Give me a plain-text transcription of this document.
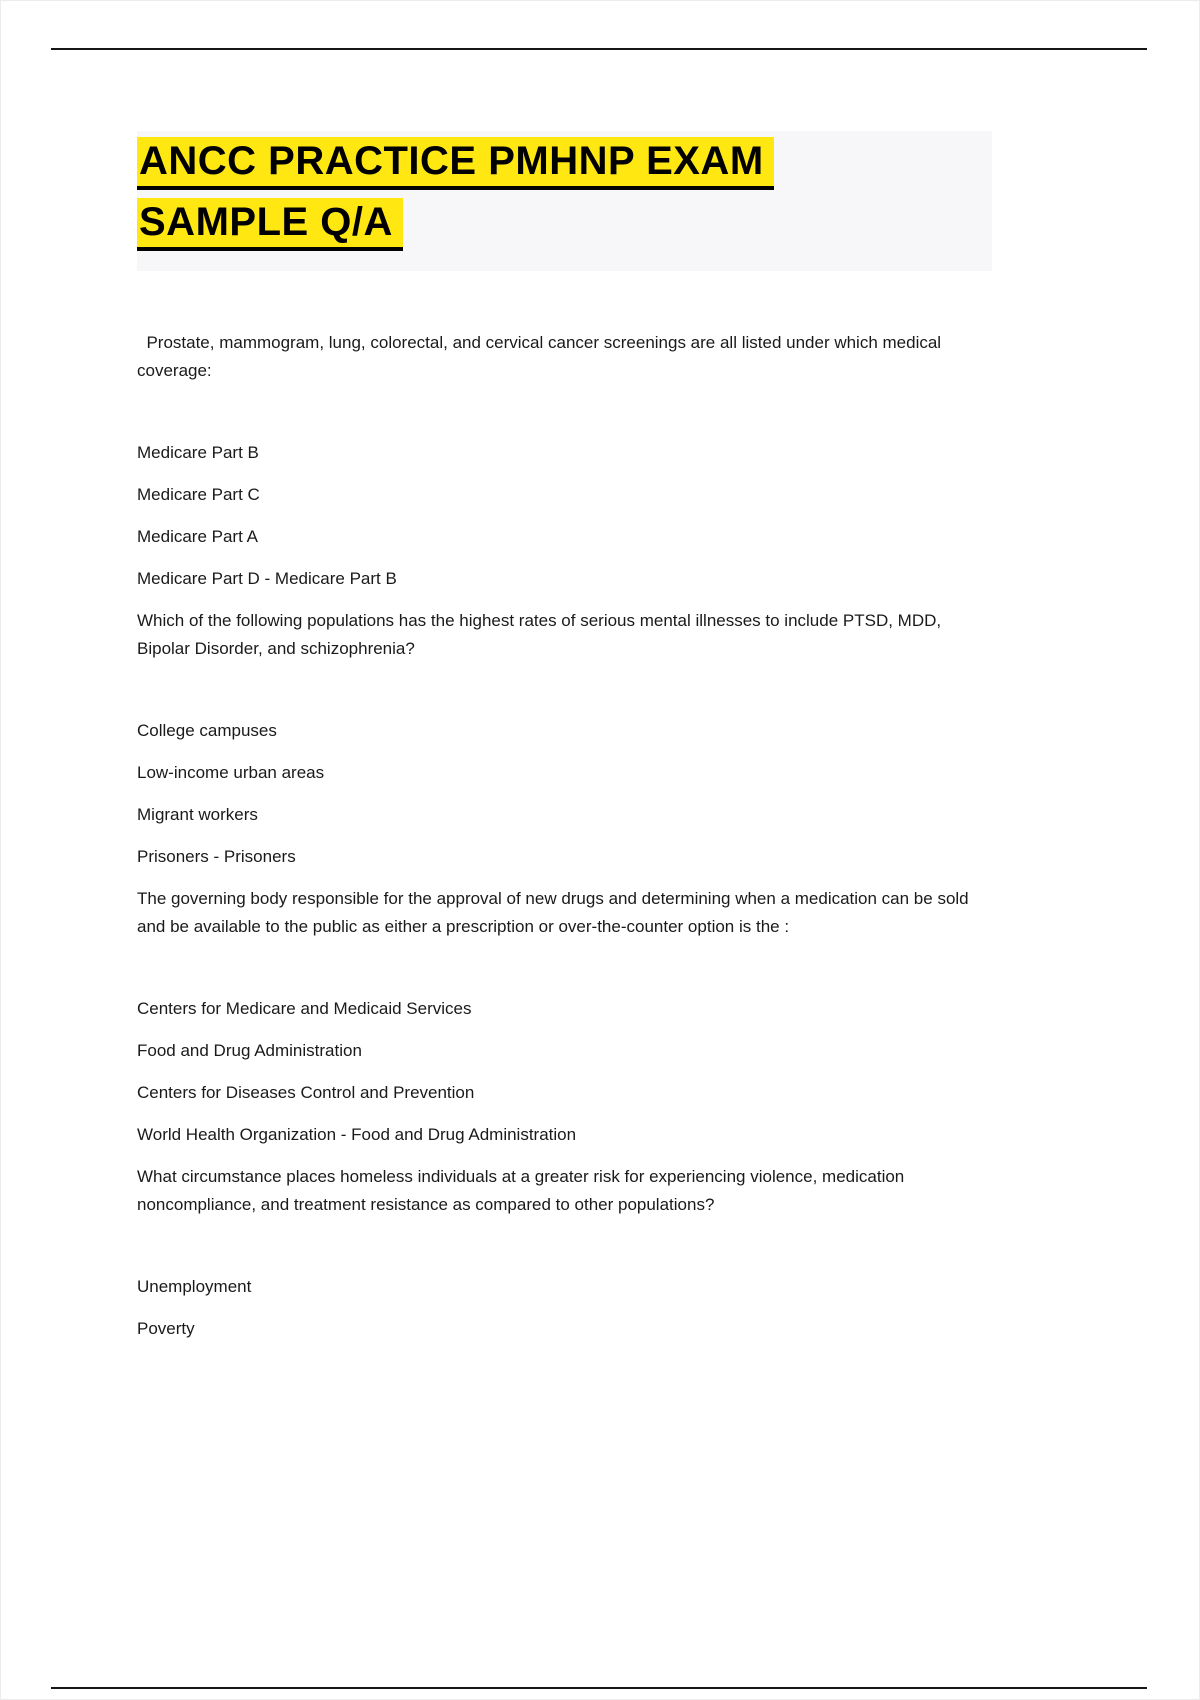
ANCC PRACTICE PMHNP EXAM
SAMPLE Q/A

Prostate, mammogram, lung, colorectal, and cervical cancer screenings are all listed under which medical coverage:

Medicare Part B

Medicare Part C

Medicare Part A

Medicare Part D - Medicare Part B

Which of the following populations has the highest rates of serious mental illnesses to include PTSD, MDD, Bipolar Disorder, and schizophrenia?

College campuses

Low-income urban areas

Migrant workers

Prisoners - Prisoners

The governing body responsible for the approval of new drugs and determining when a medication can be sold and be available to the public as either a prescription or over-the-counter option is the :

Centers for Medicare and Medicaid Services

Food and Drug Administration

Centers for Diseases Control and Prevention

World Health Organization - Food and Drug Administration

What circumstance places homeless individuals at a greater risk for experiencing violence, medication noncompliance, and treatment resistance as compared to other populations?

Unemployment

Poverty
